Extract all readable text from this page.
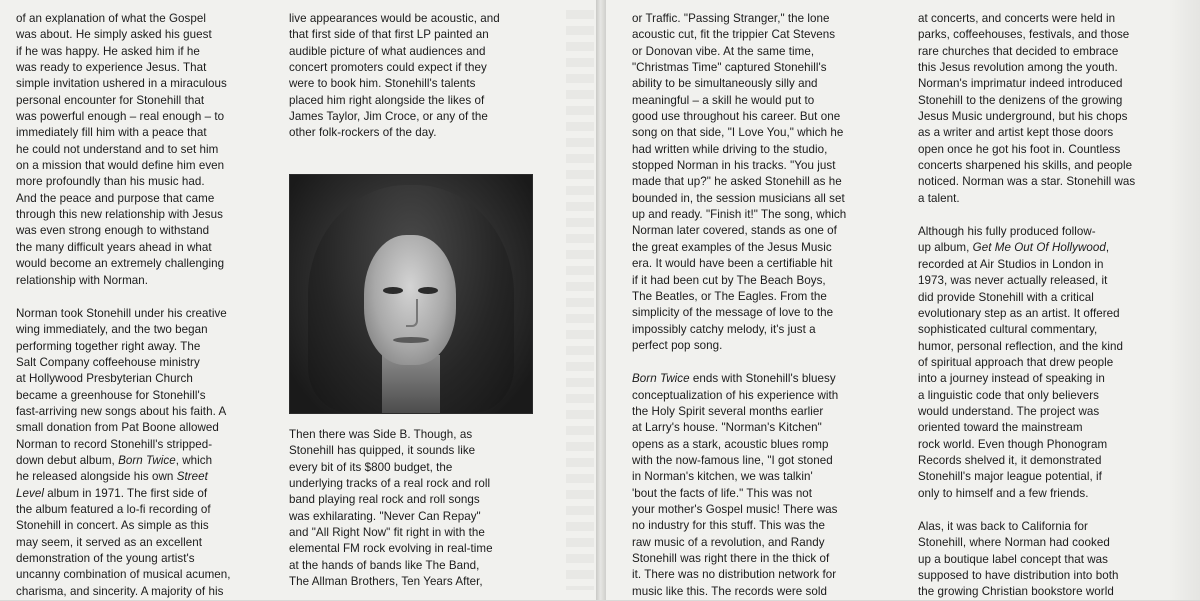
of an explanation of what the Gospel
was about. He simply asked his guest
if he was happy. He asked him if he
was ready to experience Jesus. That
simple invitation ushered in a miraculous
personal encounter for Stonehill that
was powerful enough – real enough – to
immediately fill him with a peace that
he could not understand and to set him
on a mission that would define him even
more profoundly than his music had.
And the peace and purpose that came
through this new relationship with Jesus
was even strong enough to withstand
the many difficult years ahead in what
would become an extremely challenging
relationship with Norman.

Norman took Stonehill under his creative
wing immediately, and the two began
performing together right away. The
Salt Company coffeehouse ministry
at Hollywood Presbyterian Church
became a greenhouse for Stonehill's
fast-arriving new songs about his faith. A
small donation from Pat Boone allowed
Norman to record Stonehill's stripped-
down debut album, Born Twice, which
he released alongside his own Street
Level album in 1971. The first side of
the album featured a lo-fi recording of
Stonehill in concert. As simple as this
may seem, it served as an excellent
demonstration of the young artist's
uncanny combination of musical acumen,
charisma, and sincerity. A majority of his

live appearances would be acoustic, and
that first side of that first LP painted an
audible picture of what audiences and
concert promoters could expect if they
were to book him. Stonehill's talents
placed him right alongside the likes of
James Taylor, Jim Croce, or any of the
other folk-rockers of the day.

Then there was Side B. Though, as
Stonehill has quipped, it sounds like
every bit of its $800 budget, the
underlying tracks of a real rock and roll
band playing real rock and roll songs
was exhilarating. "Never Can Repay"
and "All Right Now" fit right in with the
elemental FM rock evolving in real-time
at the hands of bands like The Band,
The Allman Brothers, Ten Years After,

or Traffic. "Passing Stranger," the lone
acoustic cut, fit the trippier Cat Stevens
or Donovan vibe. At the same time,
"Christmas Time" captured Stonehill's
ability to be simultaneously silly and
meaningful – a skill he would put to
good use throughout his career. But one
song on that side, "I Love You," which he
had written while driving to the studio,
stopped Norman in his tracks. "You just
made that up?" he asked Stonehill as he
bounded in, the session musicians all set
up and ready. "Finish it!" The song, which
Norman later covered, stands as one of
the great examples of the Jesus Music
era. It would have been a certifiable hit
if it had been cut by The Beach Boys,
The Beatles, or The Eagles. From the
simplicity of the message of love to the
impossibly catchy melody, it's just a
perfect pop song.

Born Twice ends with Stonehill's bluesy
conceptualization of his experience with
the Holy Spirit several months earlier
at Larry's house. "Norman's Kitchen"
opens as a stark, acoustic blues romp
with the now-famous line, "I got stoned
in Norman's kitchen, we was talkin'
'bout the facts of life." This was not
your mother's Gospel music! There was
no industry for this stuff. This was the
raw music of a revolution, and Randy
Stonehill was right there in the thick of
it. There was no distribution network for
music like this. The records were sold

at concerts, and concerts were held in
parks, coffeehouses, festivals, and those
rare churches that decided to embrace
this Jesus revolution among the youth.
Norman's imprimatur indeed introduced
Stonehill to the denizens of the growing
Jesus Music underground, but his chops
as a writer and artist kept those doors
open once he got his foot in. Countless
concerts sharpened his skills, and people
noticed. Norman was a star. Stonehill was
a talent.

Although his fully produced follow-
up album, Get Me Out Of Hollywood,
recorded at Air Studios in London in
1973, was never actually released, it
did provide Stonehill with a critical
evolutionary step as an artist. It offered
sophisticated cultural commentary,
humor, personal reflection, and the kind
of spiritual approach that drew people
into a journey instead of speaking in
a linguistic code that only believers
would understand. The project was
oriented toward the mainstream
rock world. Even though Phonogram
Records shelved it, it demonstrated
Stonehill's major league potential, if
only to himself and a few friends.

Alas, it was back to California for
Stonehill, where Norman had cooked
up a boutique label concept that was
supposed to have distribution into both
the growing Christian bookstore world
